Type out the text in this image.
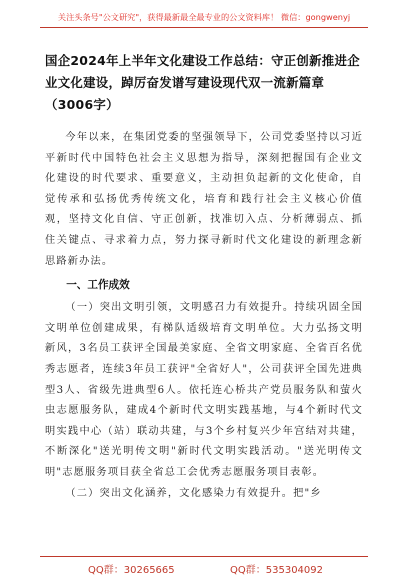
关注头条号"公文研究"，获得最新最全最专业的公文资料库！ 微信：gongwenyj
国企2024年上半年文化建设工作总结：守正创新推进企业文化建设，踔厉奋发谱写建设现代双一流新篇章（3006字）

今年以来，在集团党委的坚强领导下，公司党委坚持以习近平新时代中国特色社会主义思想为指导，深刻把握国有企业文化建设的时代要求、重要意义，主动担负起新的文化使命，自觉传承和弘扬优秀传统文化，培育和践行社会主义核心价值观，坚持文化自信、守正创新，找准切入点、分析薄弱点、抓住关键点、寻求着力点，努力探寻新时代文化建设的新理念新思路新办法。

一、工作成效

（一）突出文明引领，文明感召力有效提升。持续巩固全国文明单位创建成果，有梯队适级培育文明单位。大力弘扬文明新风，3名员工获评全国最美家庭、全省文明家庭、全省百名优秀志愿者，连续3年员工获评"全省好人"，公司获评全国先进典型3人、省级先进典型6人。依托连心桥共产党员服务队和萤火虫志愿服务队，建成4个新时代文明实践基地，与4个新时代文明实践中心（站）联动共建，与3个乡村复兴少年宫结对共建，不断深化"送光明传文明"新时代文明实践活动。"送光明传文明"志愿服务项目获全省总工会优秀志愿服务项目表彰。

（二）突出文化涵养，文化感染力有效提升。把"乡

QQ群：30265665	QQ群：535304092
